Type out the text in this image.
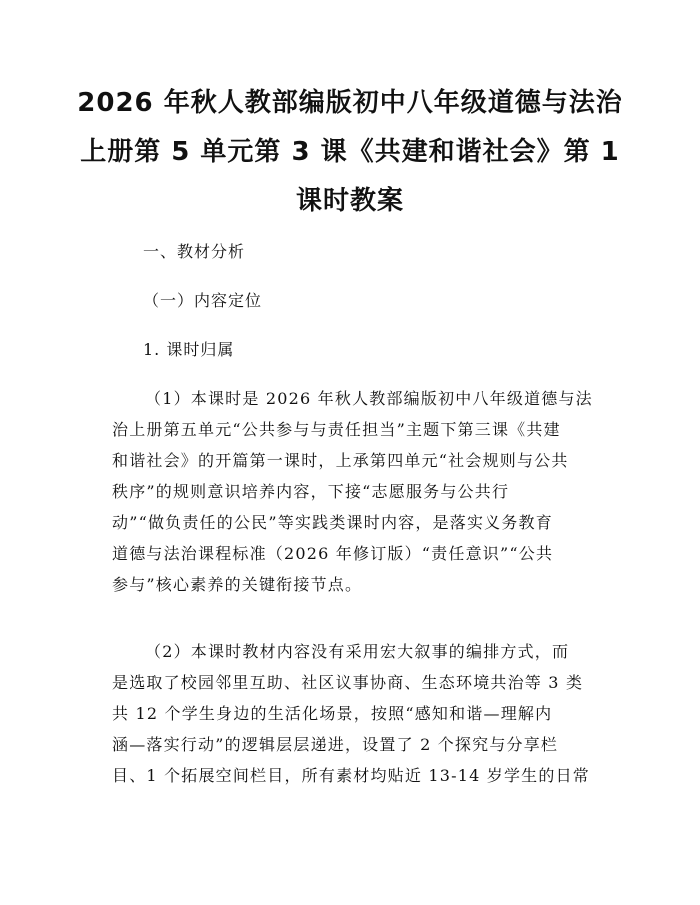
2026 年秋人教部编版初中八年级道德与法治
上册第 5 单元第 3 课《共建和谐社会》第 1
课时教案
一、教材分析
（一）内容定位
1. 课时归属
（1）本课时是 2026 年秋人教部编版初中八年级道德与法
治上册第五单元“公共参与与责任担当”主题下第三课《共建
和谐社会》的开篇第一课时，上承第四单元“社会规则与公共
秩序”的规则意识培养内容，下接“志愿服务与公共行
动”“做负责任的公民”等实践类课时内容，是落实义务教育
道德与法治课程标准（2026 年修订版）“责任意识”“公共
参与”核心素养的关键衔接节点。
（2）本课时教材内容没有采用宏大叙事的编排方式，而
是选取了校园邻里互助、社区议事协商、生态环境共治等 3 类
共 12 个学生身边的生活化场景，按照“感知和谐—理解内
涵—落实行动”的逻辑层层递进，设置了 2 个探究与分享栏
目、1 个拓展空间栏目，所有素材均贴近 13-14 岁学生的日常
